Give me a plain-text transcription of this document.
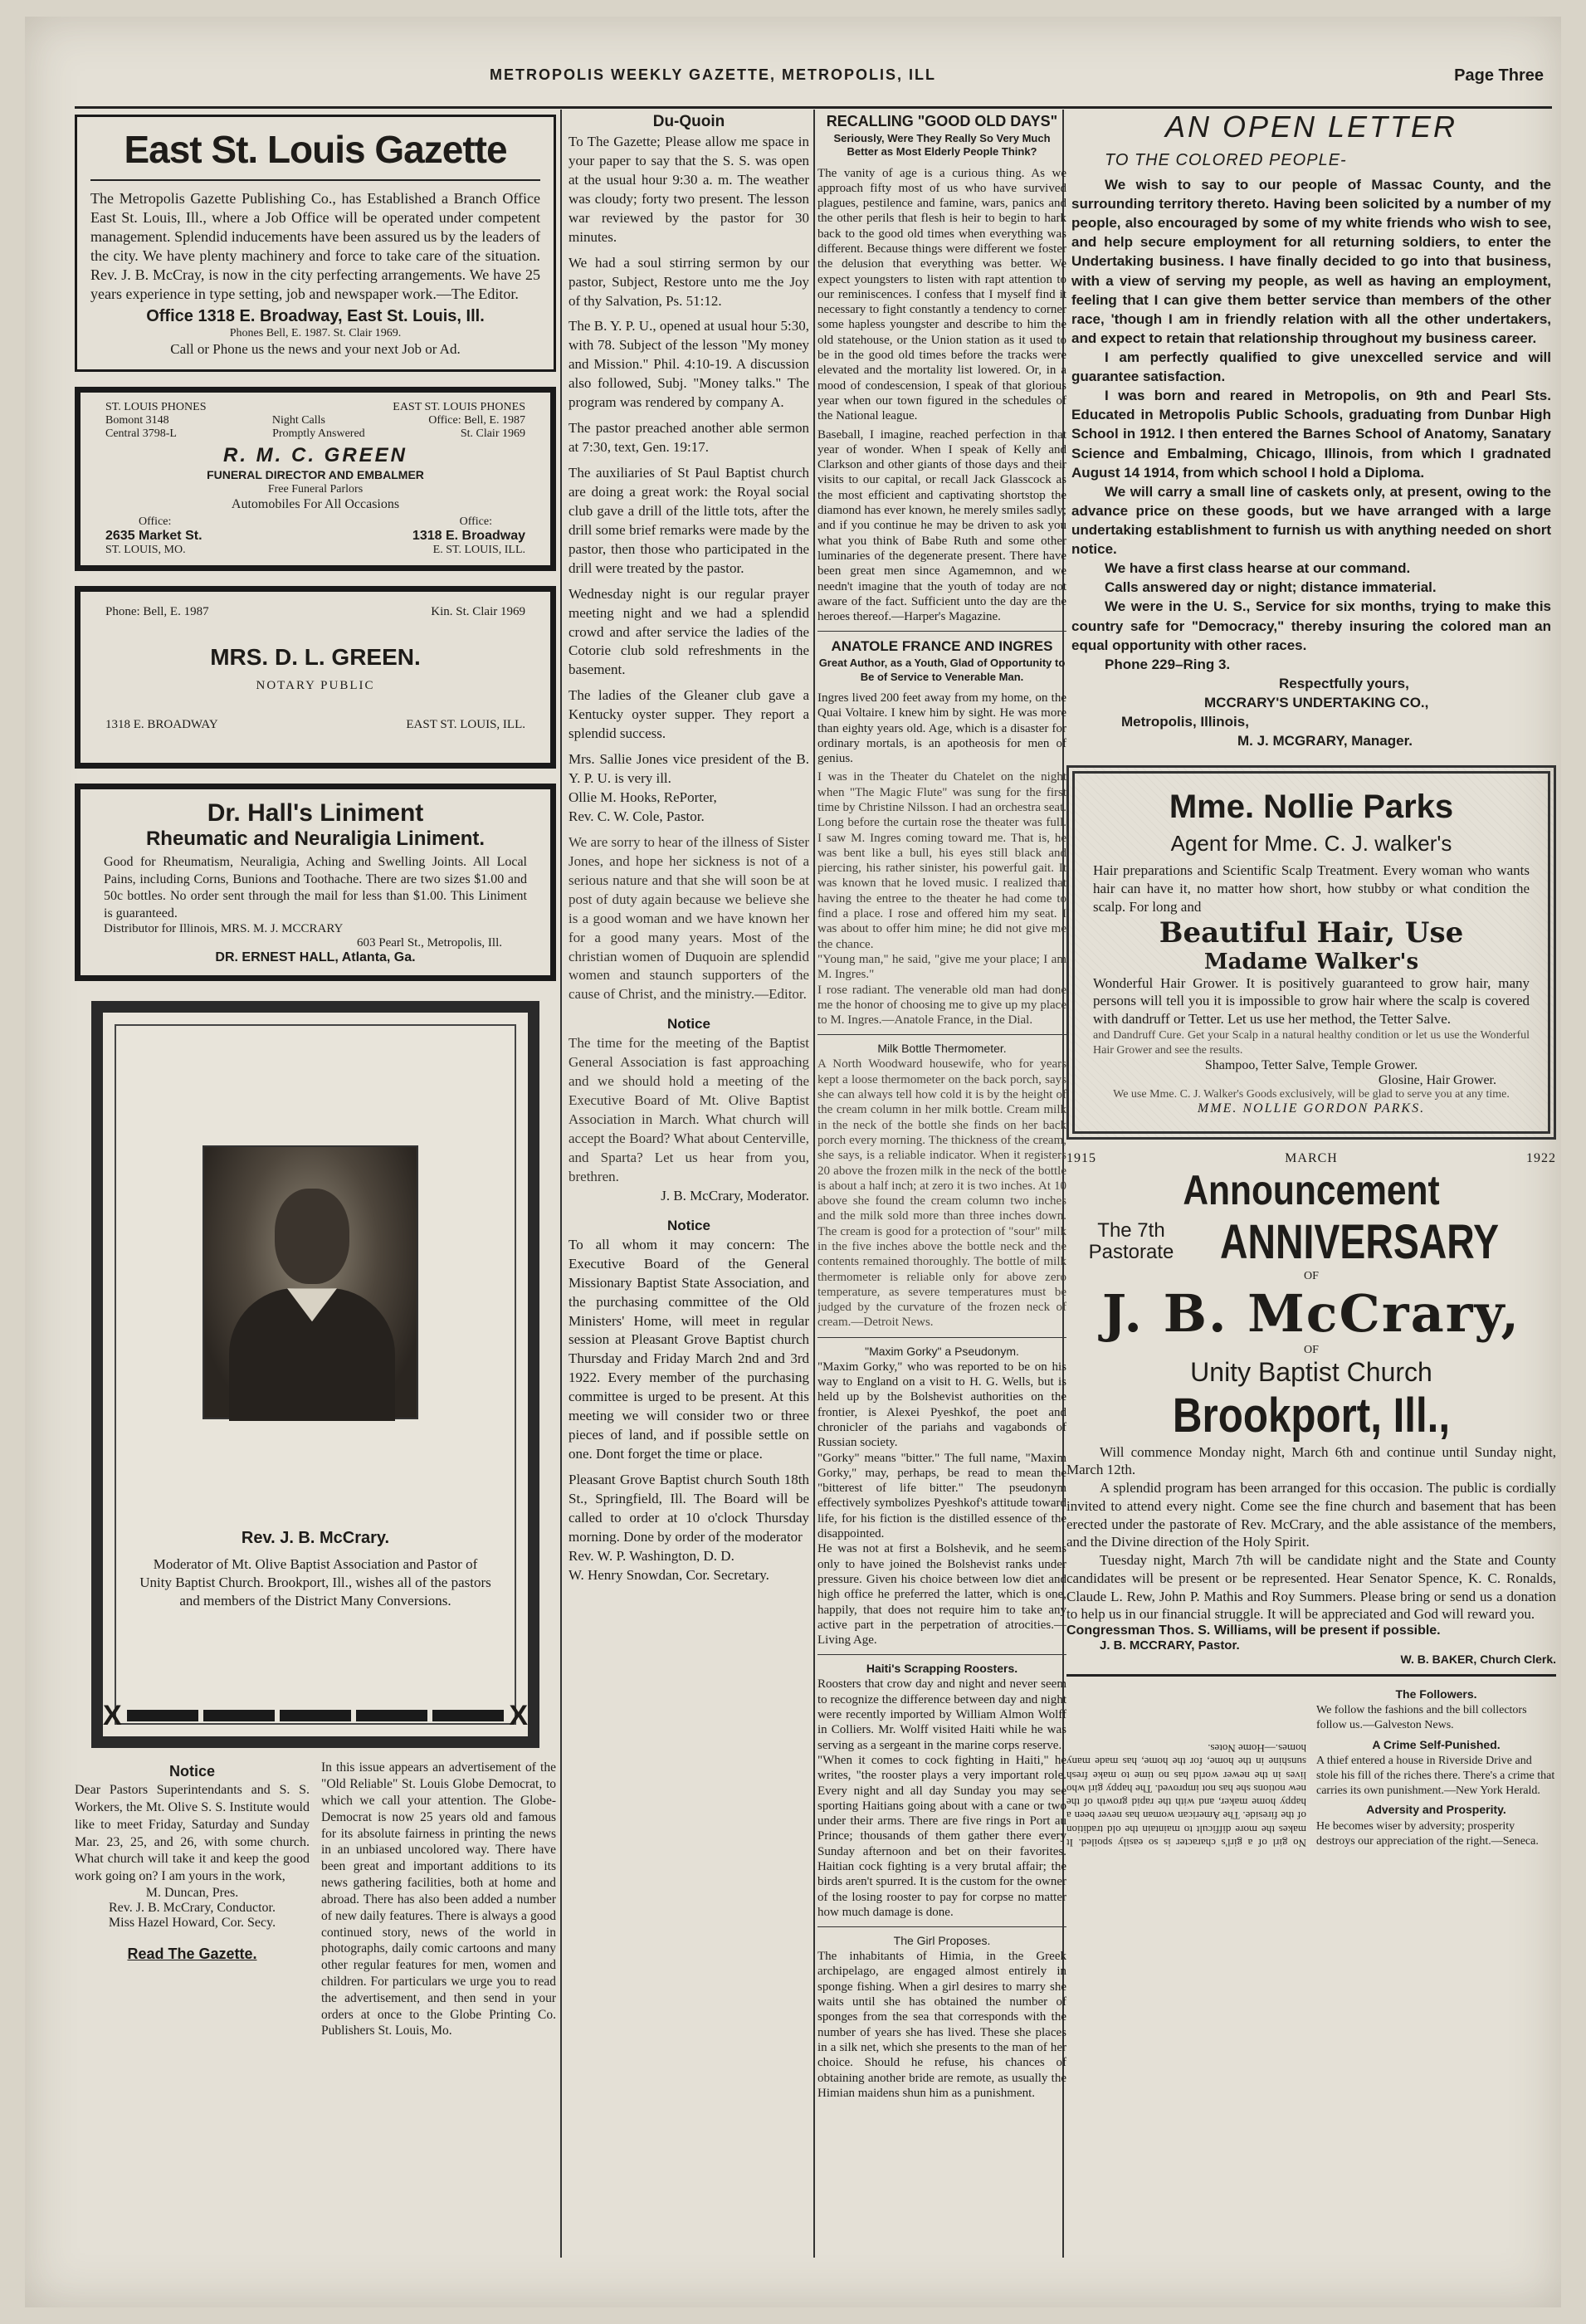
METROPOLIS WEEKLY GAZETTE, METROPOLIS, ILL	Page Three
East St. Louis Gazette
The Metropolis Gazette Publishing Co., has Established a Branch Office East St. Louis, Ill., where a Job Office will be operated under competent management. Splendid inducements have been assured us by the leaders of the city. We have plenty machinery and force to take care of the situation. Rev. J. B. McCray, is now in the city perfecting arrangements. We have 25 years experience in type setting, job and newspaper work.—The Editor.
Office 1318 E. Broadway, East St. Louis, Ill.
Phones Bell, E. 1987. St. Clair 1969.
Call or Phone us the news and your next Job or Ad.
ST. LOUIS PHONES	EAST ST. LOUIS PHONES
Bomont 3148	Night Calls	Office: Bell, E. 1987
Central 3798-L	Promptly Answered	St. Clair 1969
R. M. C. GREEN
FUNERAL DIRECTOR AND EMBALMER
Free Funeral Parlors
Automobiles For All Occasions
Office:	Office:
2635 Market St.	1318 E. Broadway
ST. LOUIS, MO.	E. ST. LOUIS, ILL.
Phone: Bell, E. 1987	Kin. St. Clair 1969
MRS. D. L. GREEN.
NOTARY PUBLIC
1318 E. BROADWAY	EAST ST. LOUIS, ILL.
Dr. Hall's Liniment
Rheumatic and Neuraligia Liniment.
Good for Rheumatism, Neuraligia, Aching and Swelling Joints. All Local Pains, including Corns, Bunions and Toothache. There are two sizes $1.00 and 50c bottles. No order sent through the mail for less than $1.00. This Liniment is guaranteed.
Distributor for Illinois, MRS. M. J. MCCRARY
603 Pearl St., Metropolis, Ill.
DR. ERNEST HALL, Atlanta, Ga.
Rev. J. B. McCrary.
Moderator of Mt. Olive Baptist Association and Pastor of Unity Baptist Church. Brookport, Ill., wishes all of the pastors and members of the District Many Conversions.
X	X
Notice
Dear Pastors Superintendants and S. S. Workers, the Mt. Olive S. S. Institute would like to meet Friday, Saturday and Sunday Mar. 23, 25, and 26, with some church. What church will take it and keep the good work going on? I am yours in the work,
M. Duncan, Pres.
Rev. J. B. McCrary, Conductor.
Miss Hazel Howard, Cor. Secy.
Read The Gazette.
In this issue appears an advertisement of the "Old Reliable" St. Louis Globe Democrat, to which we call your attention. The Globe-Democrat is now 25 years old and famous for its absolute fairness in printing the news in an unbiased uncolored way. There have been great and important additions to its news gathering facilities, both at home and abroad. There has also been added a number of new daily features. There is always a good continued story, news of the world in photographs, daily comic cartoons and many other regular features for men, women and children. For particulars we urge you to read the advertisement, and then send in your orders at once to the Globe Printing Co. Publishers St. Louis, Mo.
Du-Quoin
To The Gazette; Please allow me space in your paper to say that the S. S. was open at the usual hour 9:30 a. m. The weather was cloudy; forty two present. The lesson war reviewed by the pastor for 30 minutes.
We had a soul stirring sermon by our pastor, Subject, Restore unto me the Joy of thy Salvation, Ps. 51:12.
The B. Y. P. U., opened at usual hour 5:30, with 78. Subject of the lesson "My money and Mission." Phil. 4:10-19. A discussion also followed, Subj. "Money talks." The program was rendered by company A.
The pastor preached another able sermon at 7:30, text, Gen. 19:17.
The auxiliaries of St Paul Baptist church are doing a great work: the Royal social club gave a drill of the little tots, after the drill some brief remarks were made by the pastor, then those who participated in the drill were treated by the pastor.
Wednesday night is our regular prayer meeting night and we had a splendid crowd and after service the ladies of the Cotorie club sold refreshments in the basement.
The ladies of the Gleaner club gave a Kentucky oyster supper. They report a splendid success.
Mrs. Sallie Jones vice president of the B. Y. P. U. is very ill.
Ollie M. Hooks, RePorter,
Rev. C. W. Cole, Pastor.
We are sorry to hear of the illness of Sister Jones, and hope her sickness is not of a serious nature and that she will soon be at post of duty again because we believe she is a good woman and we have known her for a good many years. Most of the christian women of Duquoin are splendid women and staunch supporters of the cause of Christ, and the ministry.—Editor.
Notice
The time for the meeting of the Baptist General Association is fast approaching and we should hold a meeting of the Executive Board of Mt. Olive Baptist Association in March. What church will accept the Board? What about Centerville, and Sparta? Let us hear from you, brethren.
J. B. McCrary, Moderator.
Notice
To all whom it may concern: The Executive Board of the General Missionary Baptist State Association, and the purchasing committee of the Old Ministers' Home, will meet in regular session at Pleasant Grove Baptist church Thursday and Friday March 2nd and 3rd 1922. Every member of the purchasing committee is urged to be present. At this meeting we will consider two or three pieces of land, and if possible settle on one. Dont forget the time or place.
Pleasant Grove Baptist church South 18th St., Springfield, Ill. The Board will be called to order at 10 o'clock Thursday morning. Done by order of the moderator
Rev. W. P. Washington, D. D.
W. Henry Snowdan, Cor. Secretary.
RECALLING "GOOD OLD DAYS"
Seriously, Were They Really So Very Much Better as Most Elderly People Think?
The vanity of age is a curious thing. As we approach fifty most of us who have survived plagues, pestilence and famine, wars, panics and the other perils that flesh is heir to begin to hark back to the good old times when everything was different. Because things were different we foster the delusion that everything was better. We expect youngsters to listen with rapt attention to our reminiscences. I confess that I myself find it necessary to fight constantly a tendency to corner some hapless youngster and describe to him the old statehouse, or the Union station as it used to be in the good old times before the tracks were elevated and the mortality list lowered. Or, in a mood of condescension, I speak of that glorious year when our town figured in the schedules of the National league.
Baseball, I imagine, reached perfection in that year of wonder. When I speak of Kelly and Clarkson and other giants of those days and their visits to our capital, or recall Jack Glasscock as the most efficient and captivating shortstop the diamond has ever known, he merely smiles sadly; and if you continue he may be driven to ask you what you think of Babe Ruth and some other luminaries of the degenerate present. There have been great men since Agamemnon, and we needn't imagine that the youth of today are not aware of the fact. Sufficient unto the day are the heroes thereof.—Harper's Magazine.
ANATOLE FRANCE AND INGRES
Great Author, as a Youth, Glad of Opportunity to Be of Service to Venerable Man.
Ingres lived 200 feet away from my home, on the Quai Voltaire. I knew him by sight. He was more than eighty years old. Age, which is a disaster for ordinary mortals, is an apotheosis for men of genius.
I was in the Theater du Chatelet on the night when "The Magic Flute" was sung for the first time by Christine Nilsson. I had an orchestra seat. Long before the curtain rose the theater was full. I saw M. Ingres coming toward me. That is, he was bent like a bull, his eyes still black and piercing, his rather sinister, his powerful gait. It was known that he loved music. I realized that having the entree to the theater he had come to find a place. I rose and offered him my seat. I was about to offer him mine; he did not give me the chance.
"Young man," he said, "give me your place; I am M. Ingres."
I rose radiant. The venerable old man had done me the honor of choosing me to give up my place to M. Ingres.—Anatole France, in the Dial.
Milk Bottle Thermometer.
A North Woodward housewife, who for years kept a loose thermometer on the back porch, says she can always tell how cold it is by the height of the cream column in her milk bottle. Cream milk in the neck of the bottle she finds on her back porch every morning. The thickness of the cream, she says, is a reliable indicator. When it registers 20 above the frozen milk in the neck of the bottle is about a half inch; at zero it is two inches. At 10 above she found the cream column two inches and the milk sold more than three inches down. The cream is good for a protection of "sour" milk in the five inches above the bottle neck and the contents remained thoroughly. The bottle of milk thermometer is reliable only for above zero temperature, as severe temperatures must be judged by the curvature of the frozen neck of cream.—Detroit News.
"Maxim Gorky" a Pseudonym.
"Maxim Gorky," who was reported to be on his way to England on a visit to H. G. Wells, but is held up by the Bolshevist authorities on the frontier, is Alexei Pyeshkof, the poet and chronicler of the pariahs and vagabonds of Russian society.
"Gorky" means "bitter." The full name, "Maxim Gorky," may, perhaps, be read to mean the "bitterest of life bitter." The pseudonym effectively symbolizes Pyeshkof's attitude toward life, for his fiction is the distilled essence of the disappointed.
He was not at first a Bolshevik, and he seems only to have joined the Bolshevist ranks under pressure. Given his choice between low diet and high office he preferred the latter, which is one, happily, that does not require him to take any active part in the perpetration of atrocities.—Living Age.
Haiti's Scrapping Roosters.
Roosters that crow day and night and never seem to recognize the difference between day and night were recently imported by William Almon Wolff in Colliers. Mr. Wolff visited Haiti while he was serving as a sergeant in the marine corps reserve.
"When it comes to cock fighting in Haiti," he writes, "the rooster plays a very important role. Every night and all day Sunday you may see sporting Haitians going about with a cane or two under their arms. There are five rings in Port au Prince; thousands of them gather there every Sunday afternoon and bet on their favorites. Haitian cock fighting is a very brutal affair; the birds aren't spurred. It is the custom for the owner of the losing rooster to pay for corpse no matter how much damage is done.
The Girl Proposes.
The inhabitants of Himia, in the Greek archipelago, are engaged almost entirely in sponge fishing. When a girl desires to marry she waits until she has obtained the number of sponges from the sea that corresponds with the number of years she has lived. These she places in a silk net, which she presents to the man of her choice. Should he refuse, his chances of obtaining another bride are remote, as usually the Himian maidens shun him as a punishment.
AN OPEN LETTER
TO THE COLORED PEOPLE-
We wish to say to our people of Massac County, and the surrounding territory thereto. Having been solicited by a number of my people, also encouraged by some of my white friends who wish to see, and help secure employment for all returning soldiers, to enter the Undertaking business. I have finally decided to go into that business, with a view of serving my people, as well as having an employment, feeling that I can give them better service than members of the other race, 'though I am in friendly relation with all the other undertakers, and expect to retain that relationship throughout my business career.
I am perfectly qualified to give unexcelled service and will guarantee satisfaction.
I was born and reared in Metropolis, on 9th and Pearl Sts. Educated in Metropolis Public Schools, graduating from Dunbar High School in 1912. I then entered the Barnes School of Anatomy, Sanatary Science and Embalming, Chicago, Illinois, from which I gradnated August 14 1914, from which school I hold a Diploma.
We will carry a small line of caskets only, at present, owing to the advance price on these goods, but we have arranged with a large undertaking establishment to furnish us with anything needed on short notice.
We have a first class hearse at our command.
Calls answered day or night; distance immaterial.
We were in the U. S., Service for six months, trying to make this country safe for "Democracy," thereby insuring the colored man an equal opportunity with other races.
Phone 229–Ring 3.
Respectfully yours,
MCCRARY'S UNDERTAKING CO.,
Metropolis, Illinois,
M. J. MCGRARY, Manager.
Mme. Nollie Parks
Agent for Mme. C. J. walker's
Hair preparations and Scientific Scalp Treatment. Every woman who wants hair can have it, no matter how short, how stubby or what condition the scalp. For long and
Beautiful Hair, Use
Madame Walker's
Wonderful Hair Grower. It is positively guaranteed to grow hair, many persons will tell you it is impossible to grow hair where the scalp is covered with dandruff or Tetter. Let us use her method, the Tetter Salve.
and Dandruff Cure. Get your Scalp in a natural healthy condition or let us use the Wonderful Hair Grower and see the results.
Shampoo, Tetter Salve, Temple Grower.
Glosine, Hair Grower.
We use Mme. C. J. Walker's Goods exclusively, will be glad to serve you at any time.
MME. NOLLIE GORDON PARKS.
1915	MARCH	1922
Announcement
The 7th
Pastorate ANNIVERSARY
OF
J. B. McCrary,
OF
Unity Baptist Church
Brookport, Ill.,
Will commence Monday night, March 6th and continue until Sunday night, March 12th.
A splendid program has been arranged for this occasion. The public is cordially invited to attend every night. Come see the fine church and basement that has been erected under the pastorate of Rev. McCrary, and the able assistance of the members, and the Divine direction of the Holy Spirit.
Tuesday night, March 7th will be candidate night and the State and County candidates will be present or be represented. Hear Senator Spence, K. C. Ronalds, Claude L. Rew, John P. Mathis and Roy Summers. Please bring or send us a donation to help us in our financial struggle. It will be appreciated and God will reward you.
Congressman Thos. S. Williams, will be present if possible.
J. B. MCCRARY, Pastor.
W. B. BAKER, Church Clerk.
No girl of a girl's character is so easily spoiled. It makes the more difficult to maintain the old tradition of the fireside. The American woman has never been a happy home maker, and with the rapid growth of the new notions she has not improved. The happy girl who lives in the newer world has no time to make fresh sunshine in the home, for the home, has made many homes.—Home Notes.
The Followers.
We follow the fashions and the bill collectors follow us.—Galveston News.
A Crime Self-Punished.
A thief entered a house in Riverside Drive and stole his fill of the riches there. There's a crime that carries its own punishment.—New York Herald.
Adversity and Prosperity.
He becomes wiser by adversity; prosperity destroys our appreciation of the right.—Seneca.
